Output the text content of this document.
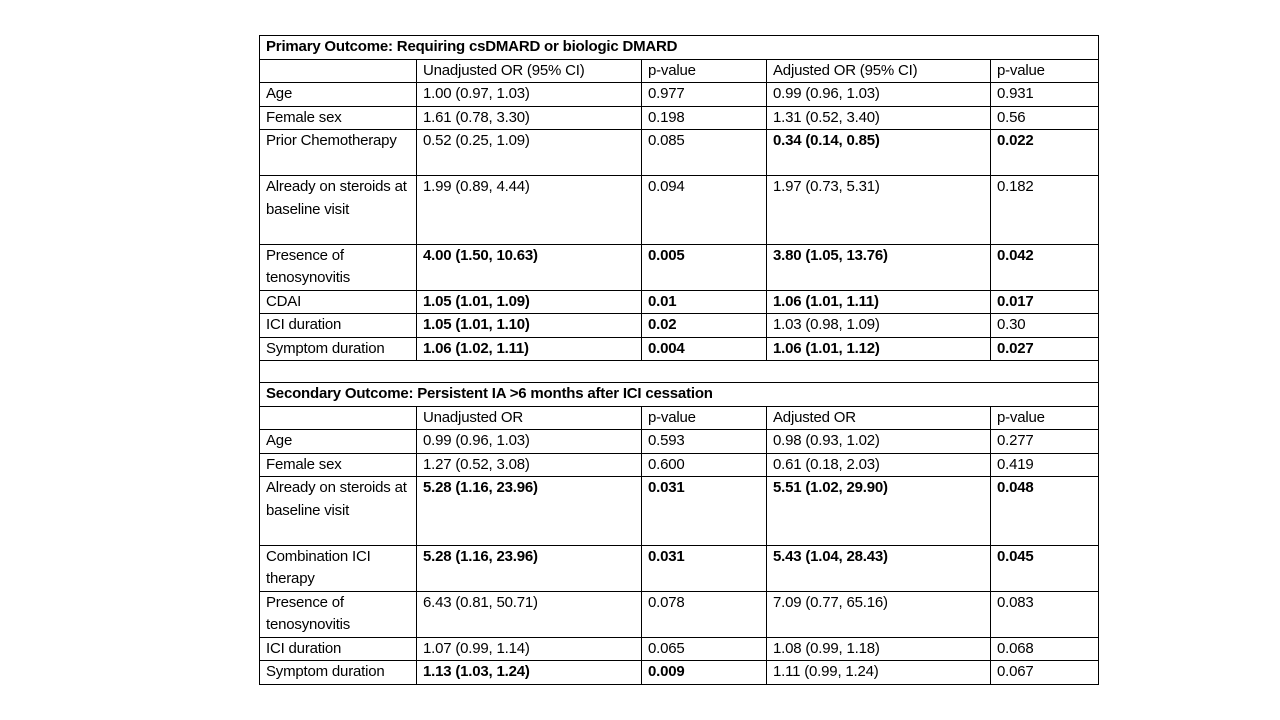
Primary Outcome: Requiring csDMARD or biologic DMARD				
	Unadjusted OR (95% CI)	p-value	Adjusted OR (95% CI)	p-value
Age	1.00 (0.97, 1.03)	0.977	0.99 (0.96, 1.03)	0.931
Female sex	1.61 (0.78, 3.30)	0.198	1.31 (0.52, 3.40)	0.56
Prior Chemotherapy	0.52 (0.25, 1.09)	0.085	0.34 (0.14, 0.85)	0.022
Already on steroids at baseline visit	1.99 (0.89, 4.44)	0.094	1.97 (0.73, 5.31)	0.182
Presence of tenosynovitis	4.00 (1.50, 10.63)	0.005	3.80 (1.05, 13.76)	0.042
CDAI	1.05 (1.01, 1.09)	0.01	1.06 (1.01, 1.11)	0.017
ICI duration	1.05 (1.01, 1.10)	0.02	1.03 (0.98, 1.09)	0.30
Symptom duration	1.06 (1.02, 1.11)	0.004	1.06 (1.01, 1.12)	0.027

Secondary Outcome: Persistent IA >6 months after ICI cessation				
	Unadjusted OR	p-value	Adjusted OR	p-value
Age	0.99 (0.96, 1.03)	0.593	0.98 (0.93, 1.02)	0.277
Female sex	1.27 (0.52, 3.08)	0.600	0.61 (0.18, 2.03)	0.419
Already on steroids at baseline visit	5.28 (1.16, 23.96)	0.031	5.51 (1.02, 29.90)	0.048
Combination ICI therapy	5.28 (1.16, 23.96)	0.031	5.43 (1.04, 28.43)	0.045
Presence of tenosynovitis	6.43 (0.81, 50.71)	0.078	7.09 (0.77, 65.16)	0.083
ICI duration	1.07 (0.99, 1.14)	0.065	1.08 (0.99, 1.18)	0.068
Symptom duration	1.13 (1.03, 1.24)	0.009	1.11 (0.99, 1.24)	0.067
